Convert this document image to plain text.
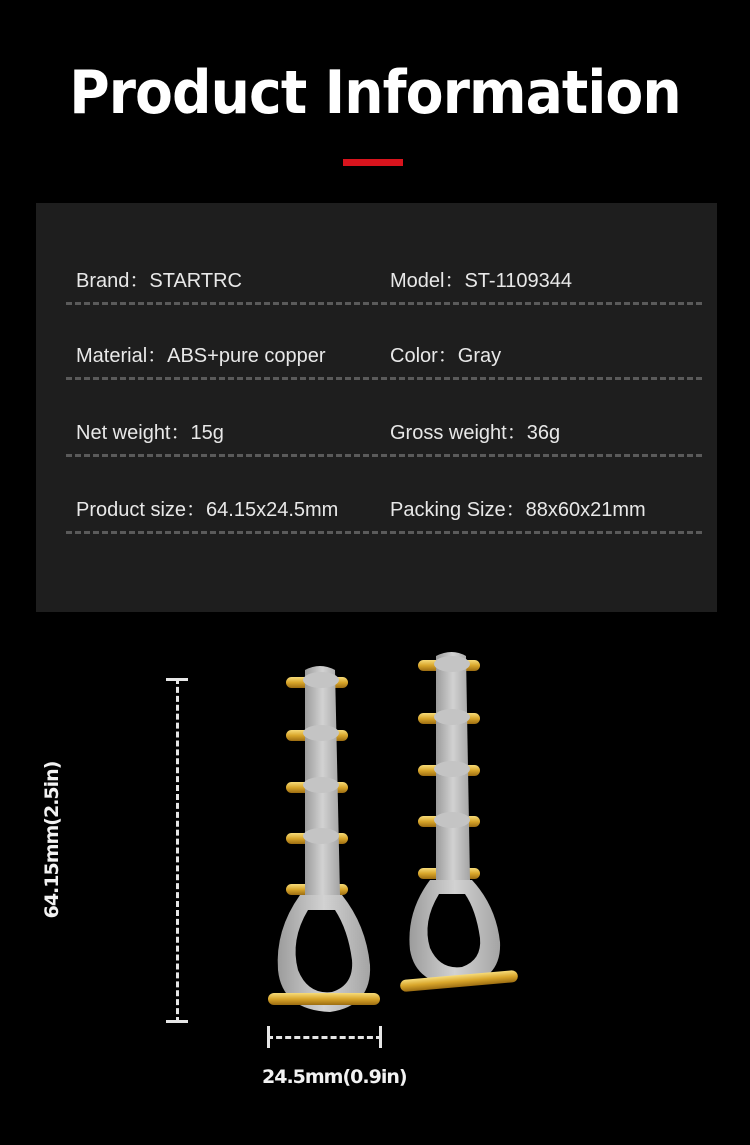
Product Information
Brand：STARTRC	Model：ST-1109344
Material：ABS+pure copper	Color：Gray
Net weight：15g	Gross weight：36g
Product size：64.15x24.5mm	Packing Size：88x60x21mm
64.15mm(2.5in)
24.5mm(0.9in)
